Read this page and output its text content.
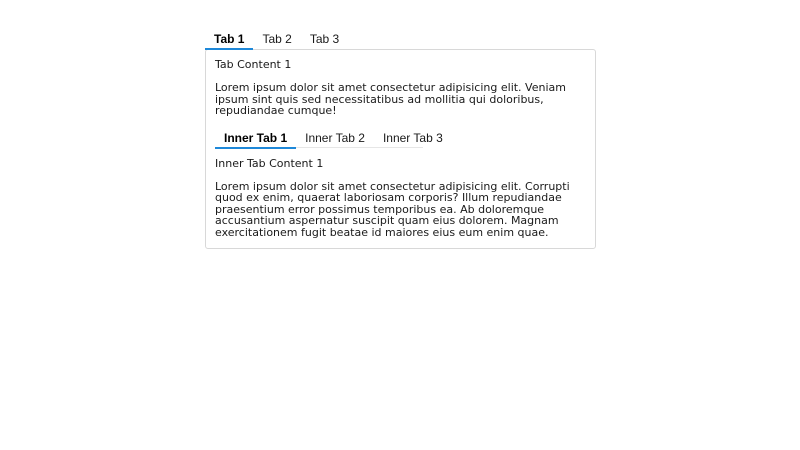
Tab 1	Tab 2	Tab 3

Tab Content 1

Lorem ipsum dolor sit amet consectetur adipisicing elit. Veniam ipsum sint quis sed necessitatibus ad mollitia qui doloribus, repudiandae cumque!

Inner Tab 1	Inner Tab 2	Inner Tab 3

Inner Tab Content 1

Lorem ipsum dolor sit amet consectetur adipisicing elit. Corrupti quod ex enim, quaerat laboriosam corporis? Illum repudiandae praesentium error possimus temporibus ea. Ab doloremque accusantium aspernatur suscipit quam eius dolorem. Magnam exercitationem fugit beatae id maiores eius eum enim quae.
